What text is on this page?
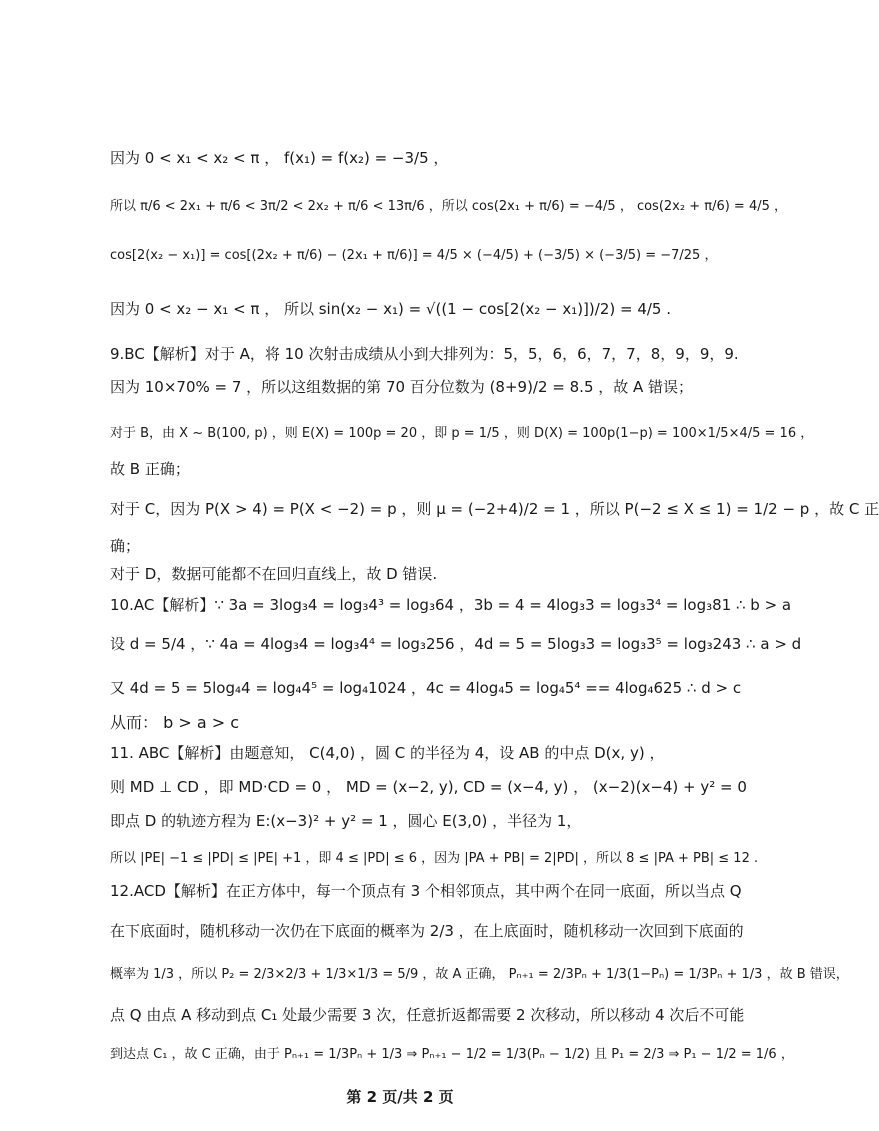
因为 0 < x₁ < x₂ < π ， f(x₁) = f(x₂) = −3/5 ，
所以 π/6 < 2x₁ + π/6 < 3π/2 < 2x₂ + π/6 < 13π/6 ，所以 cos(2x₁ + π/6) = −4/5 ， cos(2x₂ + π/6) = 4/5 ，
cos[2(x₂ − x₁)] = cos[(2x₂ + π/6) − (2x₁ + π/6)] = 4/5 × (−4/5) + (−3/5) × (−3/5) = −7/25 ，
因为 0 < x₂ − x₁ < π ， 所以 sin(x₂ − x₁) = √((1 − cos[2(x₂ − x₁)])/2) = 4/5 .
9.BC【解析】对于 A，将 10 次射击成绩从小到大排列为：5，5，6，6，7，7，8，9，9，9.
因为 10×70% = 7 ，所以这组数据的第 70 百分位数为 (8+9)/2 = 8.5 ，故 A 错误；
对于 B，由 X ~ B(100, p) ，则 E(X) = 100p = 20 ，即 p = 1/5 ，则 D(X) = 100p(1−p) = 100×1/5×4/5 = 16 ，
故 B 正确；
对于 C，因为 P(X > 4) = P(X < −2) = p ，则 μ = (−2+4)/2 = 1 ，所以 P(−2 ≤ X ≤ 1) = 1/2 − p ，故 C 正
确；
对于 D，数据可能都不在回归直线上，故 D 错误.
10.AC【解析】∵ 3a = 3log₃4 = log₃4³ = log₃64 ，3b = 4 = 4log₃3 = log₃3⁴ = log₃81 ∴ b > a
设 d = 5/4 ，∵ 4a = 4log₃4 = log₃4⁴ = log₃256 ，4d = 5 = 5log₃3 = log₃3⁵ = log₃243 ∴ a > d
又 4d = 5 = 5log₄4 = log₄4⁵ = log₄1024 ，4c = 4log₄5 = log₄5⁴ == 4log₄625 ∴ d > c
从而： b > a > c
11. ABC【解析】由题意知， C(4,0) ，圆 C 的半径为 4，设 AB 的中点 D(x, y) ，
则 MD ⊥ CD ，即 MD·CD = 0 ， MD = (x−2, y), CD = (x−4, y) ， (x−2)(x−4) + y² = 0
即点 D 的轨迹方程为 E:(x−3)² + y² = 1 ，圆心 E(3,0) ，半径为 1，
所以 |PE| −1 ≤ |PD| ≤ |PE| +1 ，即 4 ≤ |PD| ≤ 6 ，因为 |PA + PB| = 2|PD| ，所以 8 ≤ |PA + PB| ≤ 12 .
12.ACD【解析】在正方体中，每一个顶点有 3 个相邻顶点，其中两个在同一底面，所以当点 Q
在下底面时，随机移动一次仍在下底面的概率为 2/3 ，在上底面时，随机移动一次回到下底面的
概率为 1/3 ，所以 P₂ = 2/3×2/3 + 1/3×1/3 = 5/9 ，故 A 正确， Pₙ₊₁ = 2/3Pₙ + 1/3(1−Pₙ) = 1/3Pₙ + 1/3 ，故 B 错误，
点 Q 由点 A 移动到点 C₁ 处最少需要 3 次，任意折返都需要 2 次移动，所以移动 4 次后不可能
到达点 C₁ ，故 C 正确，由于 Pₙ₊₁ = 1/3Pₙ + 1/3 ⇒ Pₙ₊₁ − 1/2 = 1/3(Pₙ − 1/2) 且 P₁ = 2/3 ⇒ P₁ − 1/2 = 1/6 ，
第 2 页/共 2 页
